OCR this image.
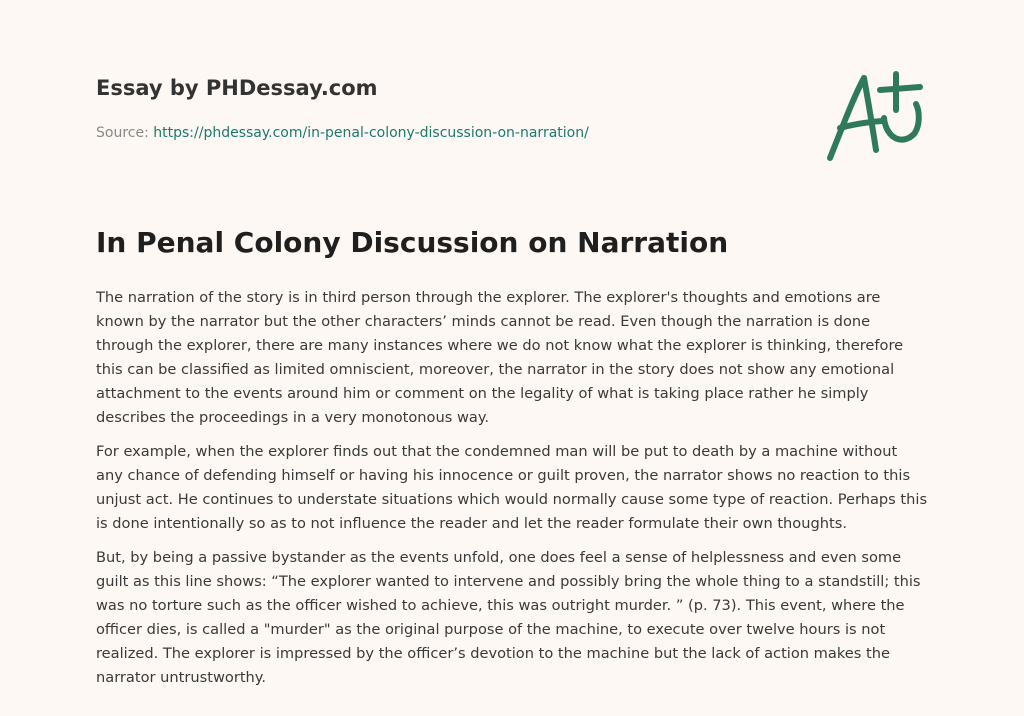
Essay by PHDessay.com
Source: https://phdessay.com/in-penal-colony-discussion-on-narration/
In Penal Colony Discussion on Narration

The narration of the story is in third person through the explorer. The explorer's thoughts and emotions are known by the narrator but the other characters’ minds cannot be read. Even though the narration is done through the explorer, there are many instances where we do not know what the explorer is thinking, therefore this can be classified as limited omniscient, moreover, the narrator in the story does not show any emotional attachment to the events around him or comment on the legality of what is taking place rather he simply describes the proceedings in a very monotonous way.

For example, when the explorer finds out that the condemned man will be put to death by a machine without any chance of defending himself or having his innocence or guilt proven, the narrator shows no reaction to this unjust act. He continues to understate situations which would normally cause some type of reaction. Perhaps this is done intentionally so as to not influence the reader and let the reader formulate their own thoughts.

But, by being a passive bystander as the events unfold, one does feel a sense of helplessness and even some guilt as this line shows: “The explorer wanted to intervene and possibly bring the whole thing to a standstill; this was no torture such as the officer wished to achieve, this was outright murder. ” (p. 73). This event, where the officer dies, is called a "murder" as the original purpose of the machine, to execute over twelve hours is not realized. The explorer is impressed by the officer’s devotion to the machine but the lack of action makes the narrator untrustworthy.
